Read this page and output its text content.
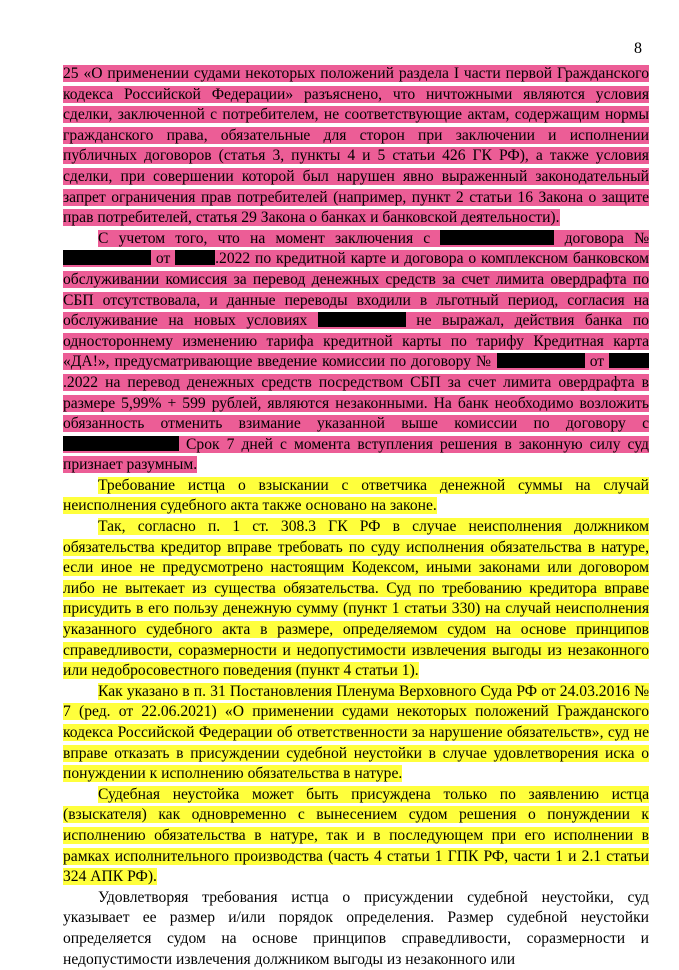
8

25 «О применении судами некоторых положений раздела I части первой Гражданского кодекса Российской Федерации» разъяснено, что ничтожными являются условия сделки, заключенной с потребителем, не соответствующие актам, содержащим нормы гражданского права, обязательные для сторон при заключении и исполнении публичных договоров (статья 3, пункты 4 и 5 статьи 426 ГК РФ), а также условия сделки, при совершении которой был нарушен явно выраженный законодательный запрет ограничения прав потребителей (например, пункт 2 статьи 16 Закона о защите прав потребителей, статья 29 Закона о банках и банковской деятельности).

С учетом того, что на момент заключения с	договора №  от	.2022 по кредитной карте и договора о комплексном банковском обслуживании комиссия за перевод денежных средств за счет лимита овердрафта по СБП отсутствовала, и данные переводы входили в льготный период, согласия на обслуживание на новых условиях	не выражал, действия банка по одностороннему изменению тарифа кредитной карты по тарифу Кредитная карта «ДА!», предусматривающие введение комиссии по договору №	от .2022 на перевод денежных средств посредством СБП за счет лимита овердрафта в размере 5,99% + 599 рублей, являются незаконными. На банк необходимо возложить обязанность отменить взимание указанной выше комиссии по договору с  Срок 7 дней с момента вступления решения в законную силу суд признает разумным.

Требование истца о взыскании с ответчика денежной суммы на случай неисполнения судебного акта также основано на законе.

Так, согласно п. 1 ст. 308.3 ГК РФ в случае неисполнения должником обязательства кредитор вправе требовать по суду исполнения обязательства в натуре, если иное не предусмотрено настоящим Кодексом, иными законами или договором либо не вытекает из существа обязательства. Суд по требованию кредитора вправе присудить в его пользу денежную сумму (пункт 1 статьи 330) на случай неисполнения указанного судебного акта в размере, определяемом судом на основе принципов справедливости, соразмерности и недопустимости извлечения выгоды из незаконного или недобросовестного поведения (пункт 4 статьи 1).

Как указано в п. 31 Постановления Пленума Верховного Суда РФ от 24.03.2016 № 7 (ред. от 22.06.2021) «О применении судами некоторых положений Гражданского кодекса Российской Федерации об ответственности за нарушение обязательств», суд не вправе отказать в присуждении судебной неустойки в случае удовлетворения иска о понуждении к исполнению обязательства в натуре.

Судебная неустойка может быть присуждена только по заявлению истца (взыскателя) как одновременно с вынесением судом решения о понуждении к исполнению обязательства в натуре, так и в последующем при его исполнении в рамках исполнительного производства (часть 4 статьи 1 ГПК РФ, части 1 и 2.1 статьи 324 АПК РФ).

Удовлетворяя требования истца о присуждении судебной неустойки, суд указывает ее размер и/или порядок определения. Размер судебной неустойки определяется судом на основе принципов справедливости, соразмерности и недопустимости извлечения должником выгоды из незаконного или
